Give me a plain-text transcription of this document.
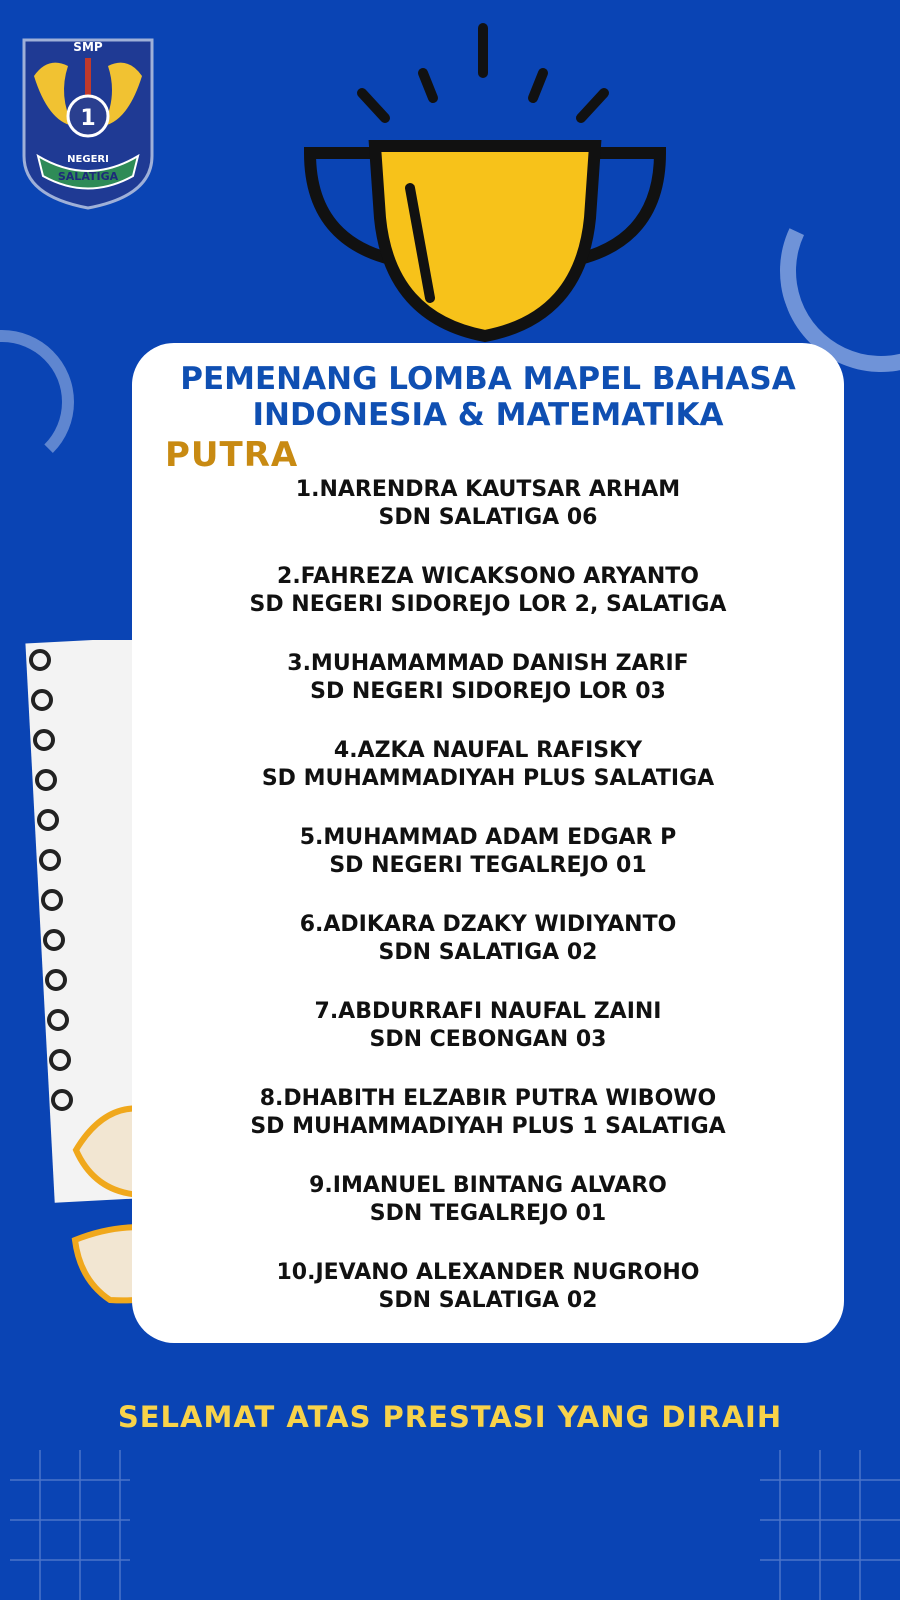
SMP
1
NEGERI
SALATIGA
PEMENANG LOMBA MAPEL BAHASA
INDONESIA & MATEMATIKA
PUTRA
1.NARENDRA KAUTSAR ARHAM
SDN SALATIGA 06
2.FAHREZA WICAKSONO ARYANTO
SD NEGERI SIDOREJO LOR 2, SALATIGA
3.MUHAMAMMAD DANISH ZARIF
SD NEGERI SIDOREJO LOR 03
4.AZKA NAUFAL RAFISKY
SD MUHAMMADIYAH PLUS SALATIGA
5.MUHAMMAD ADAM EDGAR P
SD NEGERI TEGALREJO 01
6.ADIKARA DZAKY WIDIYANTO
SDN SALATIGA 02
7.ABDURRAFI NAUFAL ZAINI
SDN CEBONGAN 03
8.DHABITH ELZABIR PUTRA WIBOWO
SD MUHAMMADIYAH PLUS 1 SALATIGA
9.IMANUEL BINTANG ALVARO
SDN TEGALREJO 01
10.JEVANO ALEXANDER NUGROHO
SDN SALATIGA 02
SELAMAT ATAS PRESTASI YANG DIRAIH
